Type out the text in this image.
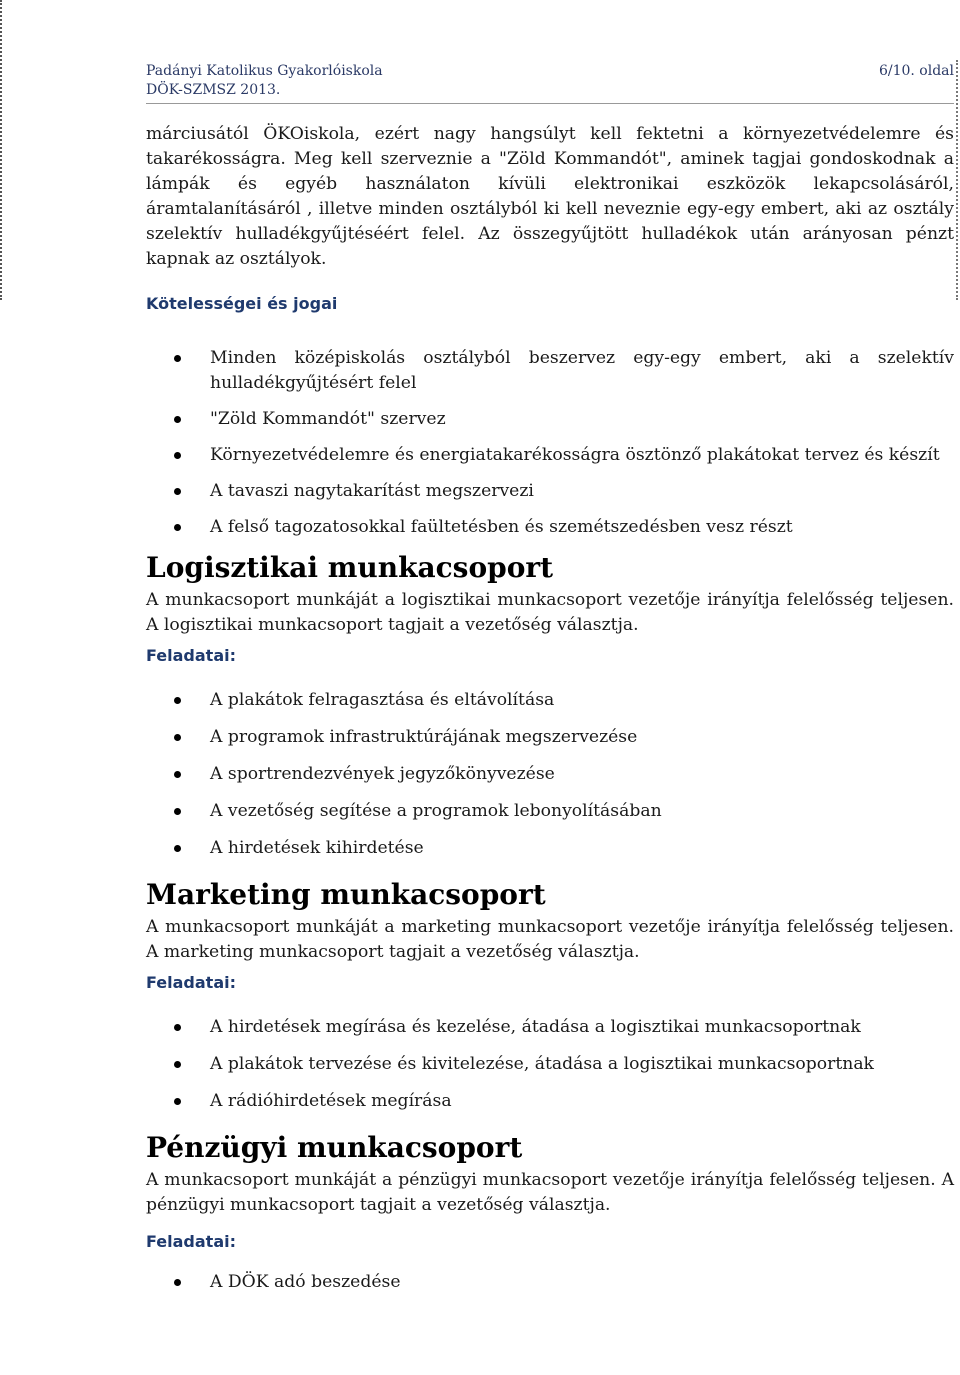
Padányi Katolikus Gyakorlóiskola
DÖK-SZMSZ 2013.
6/10. oldal

márciusától ÖKOiskola, ezért nagy hangsúlyt kell fektetni a környezetvédelemre és takarékosságra. Meg kell szerveznie a "Zöld Kommandót", aminek tagjai gondoskodnak a lámpák és egyéb használaton kívüli elektronikai eszközök lekapcsolásáról, áramtalanításáról , illetve minden osztályból ki kell neveznie egy-egy embert, aki az osztály szelektív hulladékgyűjtéséért felel. Az összegyűjtött hulladékok után arányosan pénzt kapnak az osztályok.

Kötelességei és jogai
Minden középiskolás osztályból beszervez egy-egy embert, aki a szelektív hulladékgyűjtésért felel
"Zöld Kommandót" szervez
Környezetvédelemre és energiatakarékosságra ösztönző plakátokat tervez és készít
A tavaszi nagytakarítást megszervezi
A felső tagozatosokkal faültetésben és szemétszedésben vesz részt
Logisztikai munkacsoport

A munkacsoport munkáját a logisztikai munkacsoport vezetője irányítja felelősség teljesen. A logisztikai munkacsoport tagjait a vezetőség választja.

Feladatai:
A plakátok felragasztása és eltávolítása
A programok infrastruktúrájának megszervezése
A sportrendezvények jegyzőkönyvezése
A vezetőség segítése a programok lebonyolításában
A hirdetések kihirdetése
Marketing munkacsoport

A munkacsoport munkáját a marketing munkacsoport vezetője irányítja felelősség teljesen. A marketing munkacsoport tagjait a vezetőség választja.

Feladatai:
A hirdetések megírása és kezelése, átadása a logisztikai munkacsoportnak
A plakátok tervezése és kivitelezése, átadása a logisztikai munkacsoportnak
A rádióhirdetések megírása
Pénzügyi munkacsoport

A munkacsoport munkáját a pénzügyi munkacsoport vezetője irányítja felelősség teljesen. A pénzügyi munkacsoport tagjait a vezetőség választja.

Feladatai:
A DÖK adó beszedése
